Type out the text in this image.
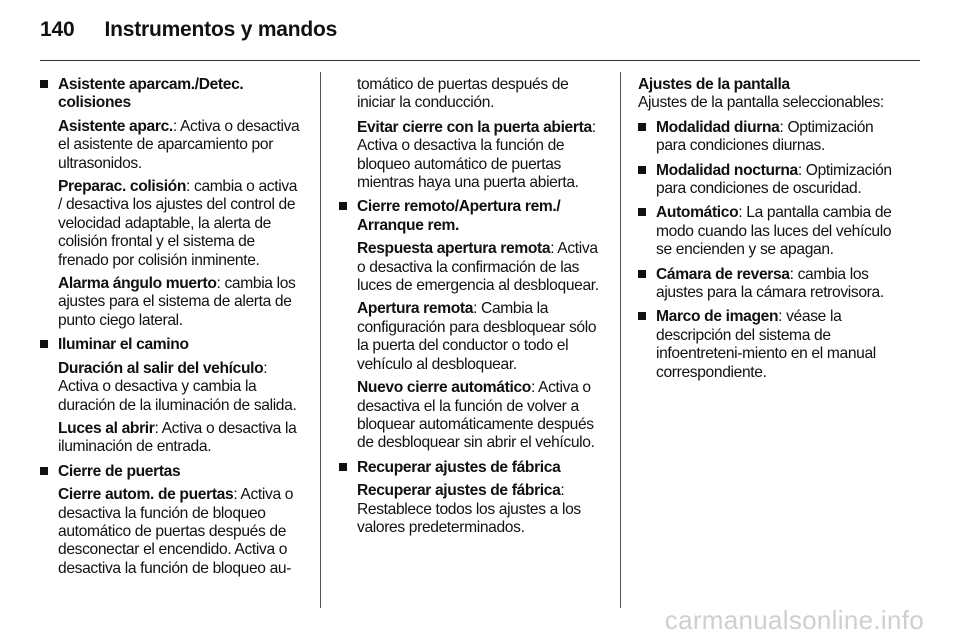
140 Instrumentos y mandos
Asistente aparcam./Detec. colisiones
Asistente aparc.: Activa o desactiva el asistente de aparcamiento por ultrasonidos.
Preparac. colisión: cambia o activa / desactiva los ajustes del control de velocidad adaptable, la alerta de colisión frontal y el sistema de frenado por colisión inminente.
Alarma ángulo muerto: cambia los ajustes para el sistema de alerta de punto ciego lateral.
Iluminar el camino
Duración al salir del vehículo: Activa o desactiva y cambia la duración de la iluminación de salida.
Luces al abrir: Activa o desactiva la iluminación de entrada.
Cierre de puertas
Cierre autom. de puertas: Activa o desactiva la función de bloqueo automático de puertas después de desconectar el encendido. Activa o desactiva la función de bloqueo au-
tomático de puertas después de iniciar la conducción.
Evitar cierre con la puerta abierta: Activa o desactiva la función de bloqueo automático de puertas mientras haya una puerta abierta.
Cierre remoto/Apertura rem./ Arranque rem.
Respuesta apertura remota: Activa o desactiva la confirmación de las luces de emergencia al desbloquear.
Apertura remota: Cambia la configuración para desbloquear sólo la puerta del conductor o todo el vehículo al desbloquear.
Nuevo cierre automático: Activa o desactiva el la función de volver a bloquear automáticamente después de desbloquear sin abrir el vehículo.
Recuperar ajustes de fábrica
Recuperar ajustes de fábrica: Restablece todos los ajustes a los valores predeterminados.
Ajustes de la pantalla
Ajustes de la pantalla seleccionables:
Modalidad diurna: Optimización para condiciones diurnas.
Modalidad nocturna: Optimización para condiciones de oscuridad.
Automático: La pantalla cambia de modo cuando las luces del vehículo se encienden y se apagan.
Cámara de reversa: cambia los ajustes para la cámara retrovisora.
Marco de imagen: véase la descripción del sistema de infoentreteni-miento en el manual correspondiente.
carmanualsonline.info
